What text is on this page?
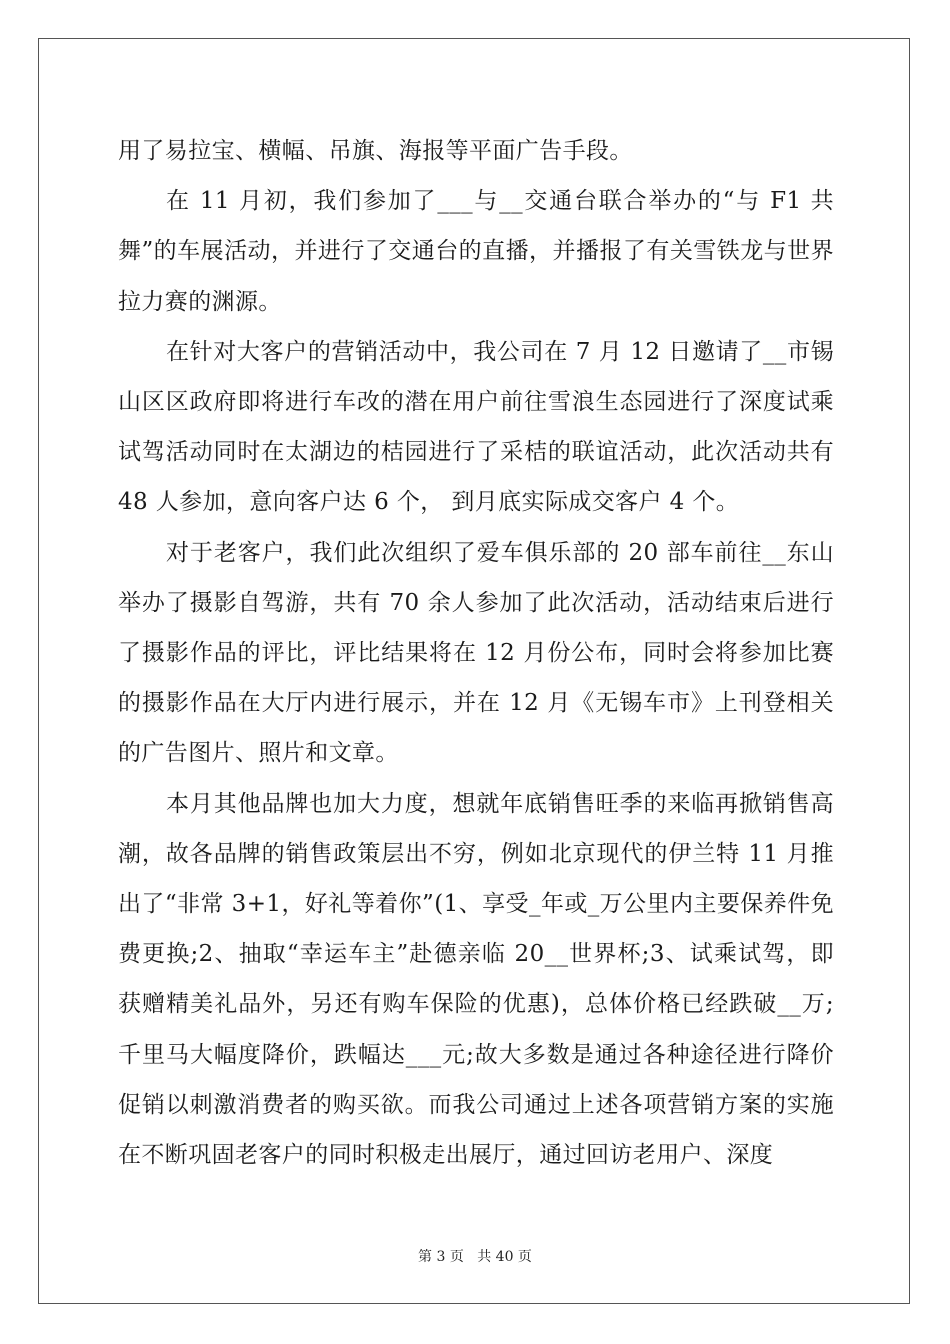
用了易拉宝、横幅、吊旗、海报等平面广告手段。

在 11 月初，我们参加了___与__交通台联合举办的“与 F1 共舞”的车展活动，并进行了交通台的直播，并播报了有关雪铁龙与世界拉力赛的渊源。

在针对大客户的营销活动中，我公司在 7 月 12 日邀请了__市锡山区区政府即将进行车改的潜在用户前往雪浪生态园进行了深度试乘试驾活动同时在太湖边的桔园进行了采桔的联谊活动，此次活动共有 48 人参加，意向客户达 6 个， 到月底实际成交客户 4 个。

对于老客户，我们此次组织了爱车俱乐部的 20 部车前往__东山举办了摄影自驾游，共有 70 余人参加了此次活动，活动结束后进行了摄影作品的评比，评比结果将在 12 月份公布，同时会将参加比赛的摄影作品在大厅内进行展示，并在 12 月《无锡车市》上刊登相关的广告图片、照片和文章。

本月其他品牌也加大力度，想就年底销售旺季的来临再掀销售高潮，故各品牌的销售政策层出不穷，例如北京现代的伊兰特 11 月推出了“非常 3+1，好礼等着你”(1、享受_年或_万公里内主要保养件免费更换;2、抽取“幸运车主”赴德亲临 20__世界杯;3、试乘试驾，即获赠精美礼品外，另还有购车保险的优惠)，总体价格已经跌破__万;千里马大幅度降价，跌幅达___元;故大多数是通过各种途径进行降价促销以刺激消费者的购买欲。而我公司通过上述各项营销方案的实施在不断巩固老客户的同时积极走出展厅，通过回访老用户、深度

第 3 页 共 40 页
